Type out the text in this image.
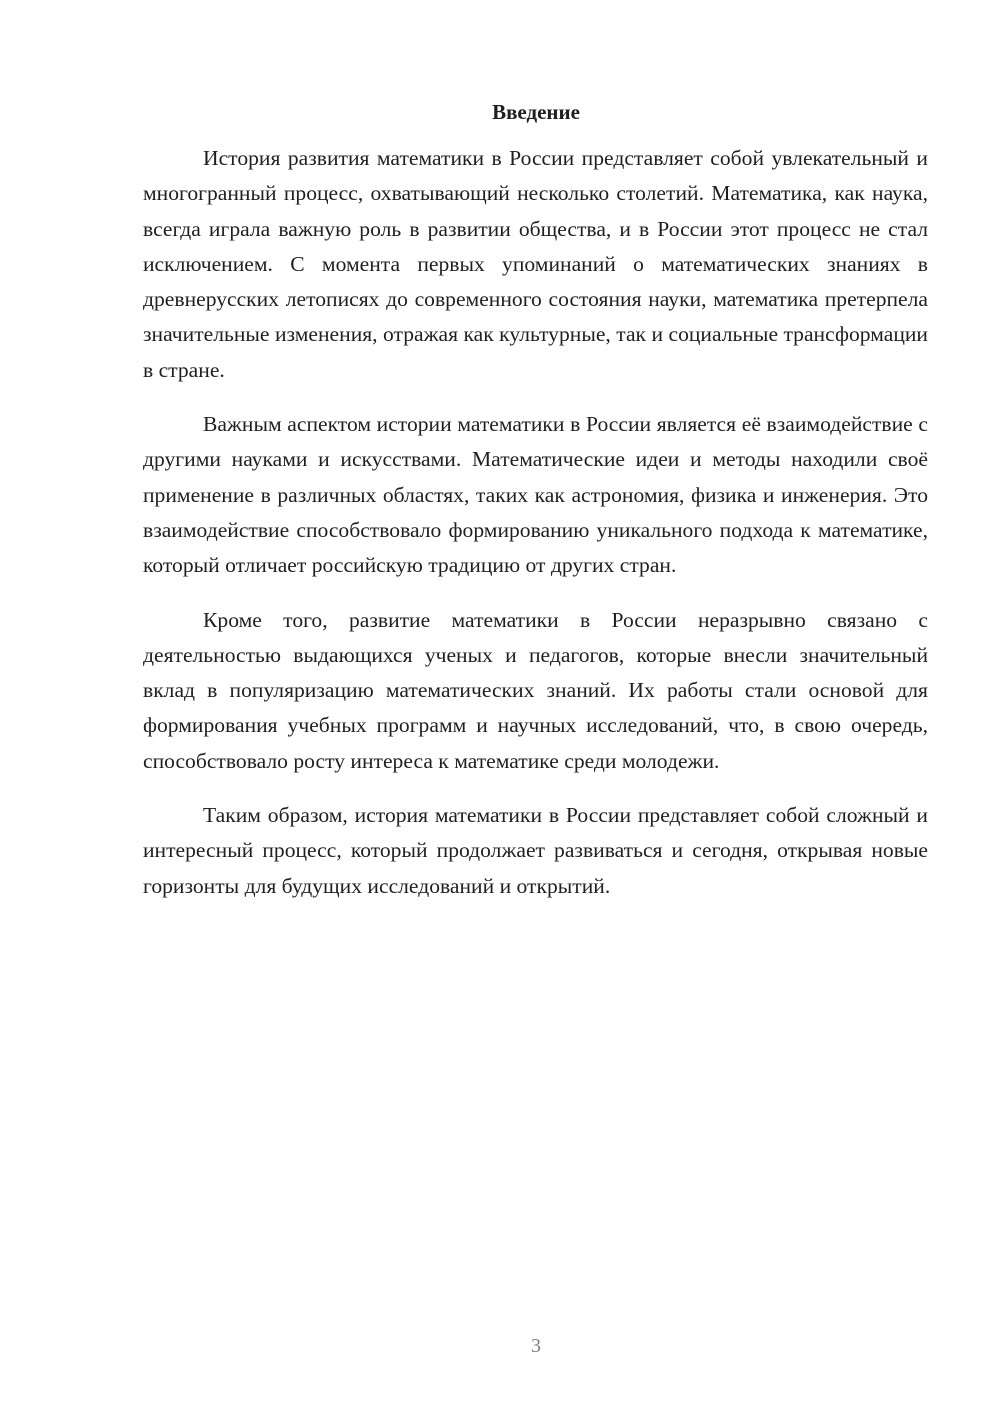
Введение

История развития математики в России представляет собой увлекательный и многогранный процесс, охватывающий несколько столетий. Математика, как наука, всегда играла важную роль в развитии общества, и в России этот процесс не стал исключением. С момента первых упоминаний о математических знаниях в древнерусских летописях до современного состояния науки, математика претерпела значительные изменения, отражая как культурные, так и социальные трансформации в стране.

Важным аспектом истории математики в России является её взаимодействие с другими науками и искусствами. Математические идеи и методы находили своё применение в различных областях, таких как астрономия, физика и инженерия. Это взаимодействие способствовало формированию уникального подхода к математике, который отличает российскую традицию от других стран.

Кроме того, развитие математики в России неразрывно связано с деятельностью выдающихся ученых и педагогов, которые внесли значительный вклад в популяризацию математических знаний. Их работы стали основой для формирования учебных программ и научных исследований, что, в свою очередь, способствовало росту интереса к математике среди молодежи.

Таким образом, история математики в России представляет собой сложный и интересный процесс, который продолжает развиваться и сегодня, открывая новые горизонты для будущих исследований и открытий.

3
